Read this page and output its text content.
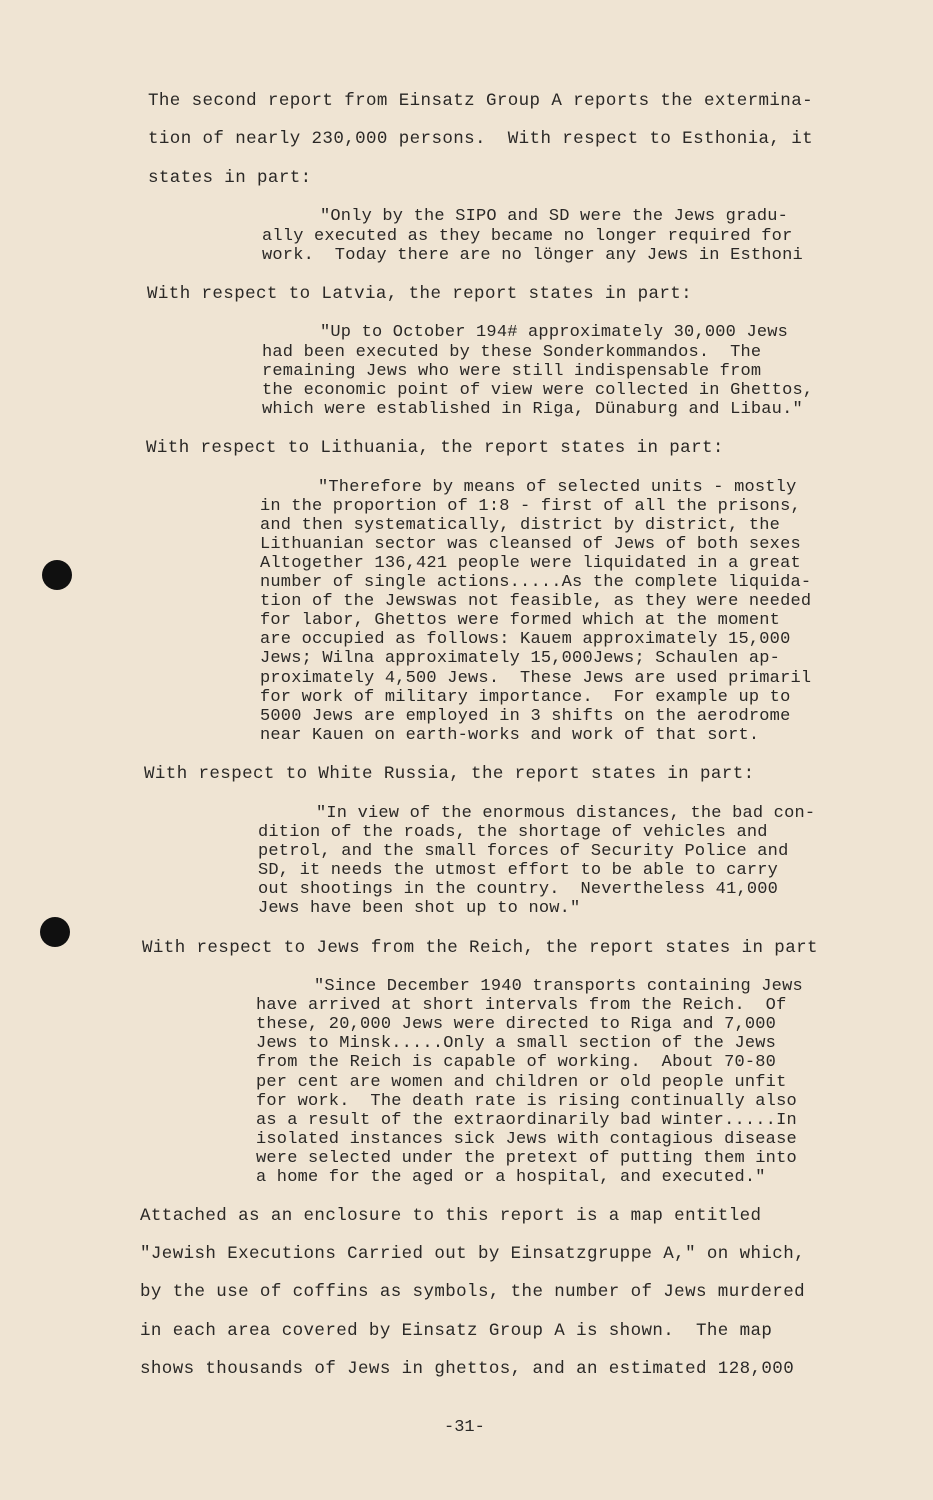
The second report from Einsatz Group A reports the extermina-
tion of nearly 230,000 persons.  With respect to Esthonia, it
states in part:
"Only by the SIPO and SD were the Jews gradu-
ally executed as they became no longer required for
work.  Today there are no lönger any Jews in Esthoni
With respect to Latvia, the report states in part:
"Up to October 194# approximately 30,000 Jews
had been executed by these Sonderkommandos.  The
remaining Jews who were still indispensable from
the economic point of view were collected in Ghettos,
which were established in Riga, Dünaburg and Libau."
With respect to Lithuania, the report states in part:
"Therefore by means of selected units - mostly
in the proportion of 1:8 - first of all the prisons,
and then systematically, district by district, the
Lithuanian sector was cleansed of Jews of both sexes
Altogether 136,421 people were liquidated in a great
number of single actions.....As the complete liquida-
tion of the Jewswas not feasible, as they were needed
for labor, Ghettos were formed which at the moment
are occupied as follows: Kauem approximately 15,000
Jews; Wilna approximately 15,000Jews; Schaulen ap-
proximately 4,500 Jews.  These Jews are used primaril
for work of military importance.  For example up to
5000 Jews are employed in 3 shifts on the aerodrome
near Kauen on earth-works and work of that sort.
With respect to White Russia, the report states in part:
"In view of the enormous distances, the bad con-
dition of the roads, the shortage of vehicles and
petrol, and the small forces of Security Police and
SD, it needs the utmost effort to be able to carry
out shootings in the country.  Nevertheless 41,000
Jews have been shot up to now."
With respect to Jews from the Reich, the report states in part
"Since December 1940 transports containing Jews
have arrived at short intervals from the Reich.  Of
these, 20,000 Jews were directed to Riga and 7,000
Jews to Minsk.....Only a small section of the Jews
from the Reich is capable of working.  About 70-80
per cent are women and children or old people unfit
for work.  The death rate is rising continually also
as a result of the extraordinarily bad winter.....In
isolated instances sick Jews with contagious disease
were selected under the pretext of putting them into
a home for the aged or a hospital, and executed."
Attached as an enclosure to this report is a map entitled
"Jewish Executions Carried out by Einsatzgruppe A," on which,
by the use of coffins as symbols, the number of Jews murdered
in each area covered by Einsatz Group A is shown.  The map
shows thousands of Jews in ghettos, and an estimated 128,000
-31-
